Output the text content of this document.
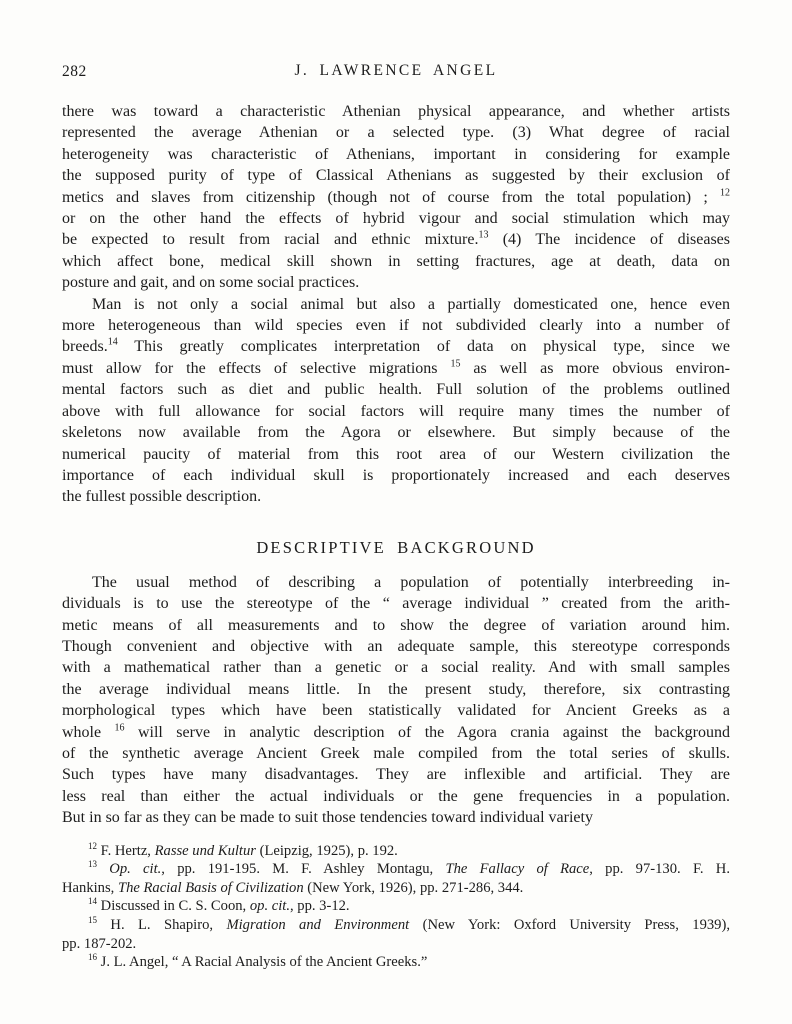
282	J. LAWRENCE ANGEL
there was toward a characteristic Athenian physical appearance, and whether artists
represented the average Athenian or a selected type. (3) What degree of racial
heterogeneity was characteristic of Athenians, important in considering for example
the supposed purity of type of Classical Athenians as suggested by their exclusion of
metics and slaves from citizenship (though not of course from the total population) ; $^{12}$
or on the other hand the effects of hybrid vigour and social stimulation which may
be expected to result from racial and ethnic mixture.$^{13}$ (4) The incidence of diseases
which affect bone, medical skill shown in setting fractures, age at death, data on
posture and gait, and on some social practices.
Man is not only a social animal but also a partially domesticated one, hence even
more heterogeneous than wild species even if not subdivided clearly into a number of
breeds.$^{14}$ This greatly complicates interpretation of data on physical type, since we
must allow for the effects of selective migrations $^{15}$ as well as more obvious environ-
mental factors such as diet and public health. Full solution of the problems outlined
above with full allowance for social factors will require many times the number of
skeletons now available from the Agora or elsewhere. But simply because of the
numerical paucity of material from this root area of our Western civilization the
importance of each individual skull is proportionately increased and each deserves
the fullest possible description.
DESCRIPTIVE BACKGROUND
The usual method of describing a population of potentially interbreeding in-
dividuals is to use the stereotype of the “ average individual ” created from the arith-
metic means of all measurements and to show the degree of variation around him.
Though convenient and objective with an adequate sample, this stereotype corresponds
with a mathematical rather than a genetic or a social reality. And with small samples
the average individual means little. In the present study, therefore, six contrasting
morphological types which have been statistically validated for Ancient Greeks as a
whole $^{16}$ will serve in analytic description of the Agora crania against the background
of the synthetic average Ancient Greek male compiled from the total series of skulls.
Such types have many disadvantages. They are inflexible and artificial. They are
less real than either the actual individuals or the gene frequencies in a population.
But in so far as they can be made to suit those tendencies toward individual variety
$^{12}$ F. Hertz, Rasse und Kultur (Leipzig, 1925), p. 192.
$^{13}$ Op. cit., pp. 191-195. M. F. Ashley Montagu, The Fallacy of Race, pp. 97-130. F. H.
Hankins, The Racial Basis of Civilization (New York, 1926), pp. 271-286, 344.
$^{14}$ Discussed in C. S. Coon, op. cit., pp. 3-12.
$^{15}$ H. L. Shapiro, Migration and Environment (New York: Oxford University Press, 1939),
pp. 187-202.
$^{16}$ J. L. Angel, “ A Racial Analysis of the Ancient Greeks.”
